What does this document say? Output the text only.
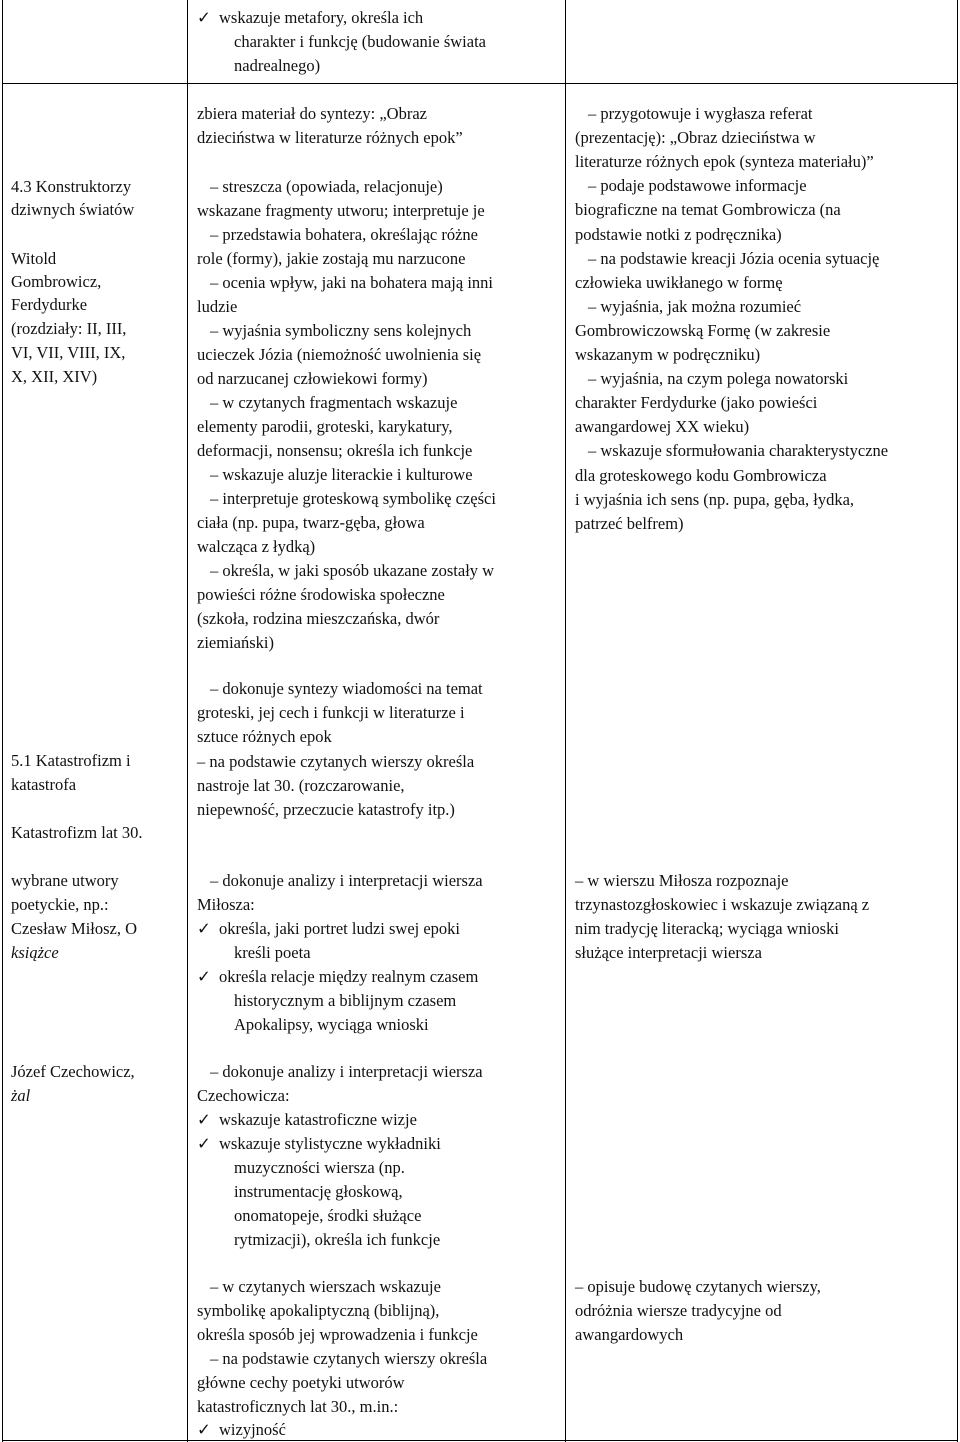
4.3 Konstruktorzy
dziwnych światów
Witold
Gombrowicz,
Ferdydurke
(rozdziały: II, III,
VI, VII, VIII, IX,
X, XII, XIV)
5.1 Katastrofizm i
katastrofa
Katastrofizm lat 30.
wybrane utwory
poetyckie, np.:
Czesław Miłosz, O
książce
Józef Czechowicz,
żal
✓ wskazuje metafory, określa ich
charakter i funkcję (budowanie świata
nadrealnego)
zbiera materiał do syntezy: „Obraz
dzieciństwa w literaturze różnych epok”
– streszcza (opowiada, relacjonuje)
wskazane fragmenty utworu; interpretuje je
– przedstawia bohatera, określając różne
role (formy), jakie zostają mu narzucone
– ocenia wpływ, jaki na bohatera mają inni
ludzie
– wyjaśnia symboliczny sens kolejnych
ucieczek Józia (niemożność uwolnienia się
od narzucanej człowiekowi formy)
– w czytanych fragmentach wskazuje
elementy parodii, groteski, karykatury,
deformacji, nonsensu; określa ich funkcje
– wskazuje aluzje literackie i kulturowe
– interpretuje groteskową symbolikę części
ciała (np. pupa, twarz-gęba, głowa
walcząca z łydką)
– określa, w jaki sposób ukazane zostały w
powieści różne środowiska społeczne
(szkoła, rodzina mieszczańska, dwór
ziemiański)
– dokonuje syntezy wiadomości na temat
groteski, jej cech i funkcji w literaturze i
sztuce różnych epok
– na podstawie czytanych wierszy określa
nastroje lat 30. (rozczarowanie,
niepewność, przeczucie katastrofy itp.)
– dokonuje analizy i interpretacji wiersza
Miłosza:
✓ określa, jaki portret ludzi swej epoki
kreśli poeta
✓ określa relacje między realnym czasem
historycznym a biblijnym czasem
Apokalipsy, wyciąga wnioski
– dokonuje analizy i interpretacji wiersza
Czechowicza:
✓ wskazuje katastroficzne wizje
✓ wskazuje stylistyczne wykładniki
muzyczności wiersza (np.
instrumentację głoskową,
onomatopeje, środki służące
rytmizacji), określa ich funkcje
– w czytanych wierszach wskazuje
symbolikę apokaliptyczną (biblijną),
określa sposób jej wprowadzenia i funkcje
– na podstawie czytanych wierszy określa
główne cechy poetyki utworów
katastroficznych lat 30., m.in.:
✓ wizyjność
– przygotowuje i wygłasza referat
(prezentację): „Obraz dzieciństwa w
literaturze różnych epok (synteza materiału)”
– podaje podstawowe informacje
biograficzne na temat Gombrowicza (na
podstawie notki z podręcznika)
– na podstawie kreacji Józia ocenia sytuację
człowieka uwikłanego w formę
– wyjaśnia, jak można rozumieć
Gombrowiczowską Formę (w zakresie
wskazanym w podręczniku)
– wyjaśnia, na czym polega nowatorski
charakter Ferdydurke (jako powieści
awangardowej XX wieku)
– wskazuje sformułowania charakterystyczne
dla groteskowego kodu Gombrowicza
i wyjaśnia ich sens (np. pupa, gęba, łydka,
patrzeć belfrem)
– w wierszu Miłosza rozpoznaje
trzynastozgłoskowiec i wskazuje związaną z
nim tradycję literacką; wyciąga wnioski
służące interpretacji wiersza
– opisuje budowę czytanych wierszy,
odróżnia wiersze tradycyjne od
awangardowych
